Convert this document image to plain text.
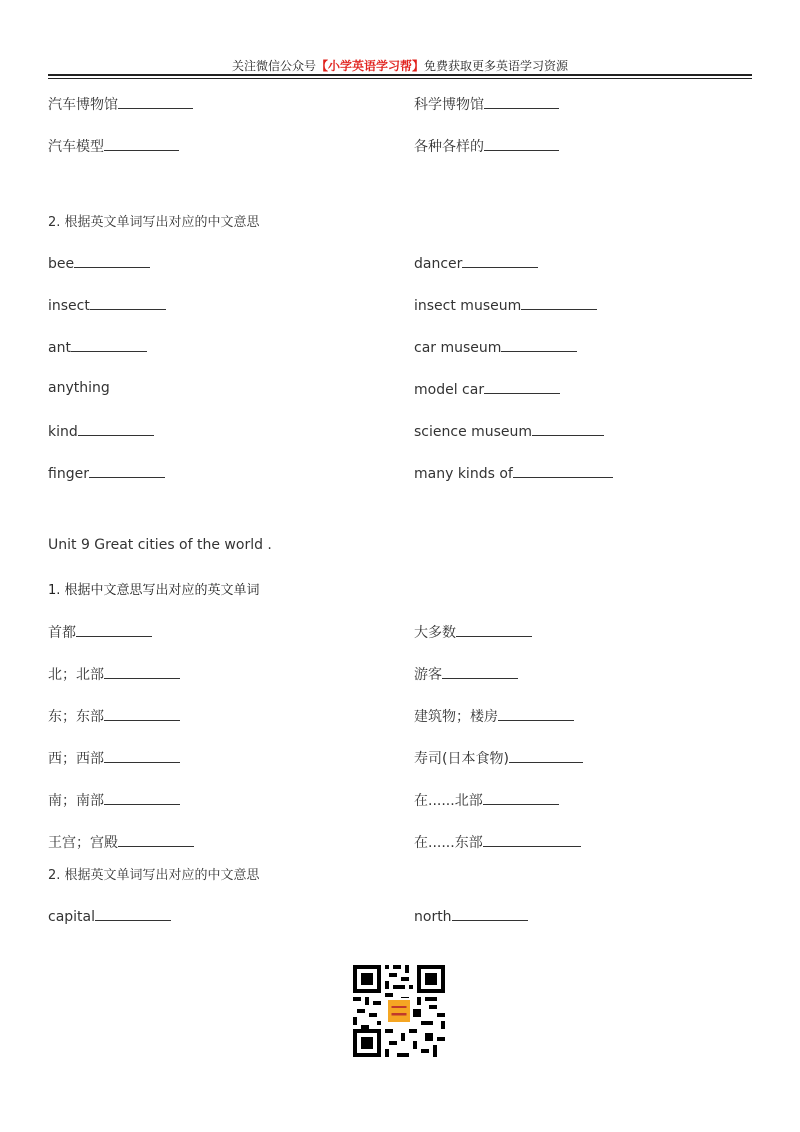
关注微信公众号【小学英语学习帮】免费获取更多英语学习资源
汽车博物馆	科学博物馆
汽车模型	各种各样的
2. 根据英文单词写出对应的中文意思
bee	dancer
insect	insect museum
ant	car museum
anything	model car
kind	science museum
finger	many kinds of
Unit 9 Great cities of the world .
1. 根据中文意思写出对应的英文单词
首都	大多数
北；北部	游客
东；东部	建筑物；楼房
西；西部	寿司(日本食物)
南；南部	在......北部
王宫；宫殿	在......东部
2. 根据英文单词写出对应的中文意思
capital	north
